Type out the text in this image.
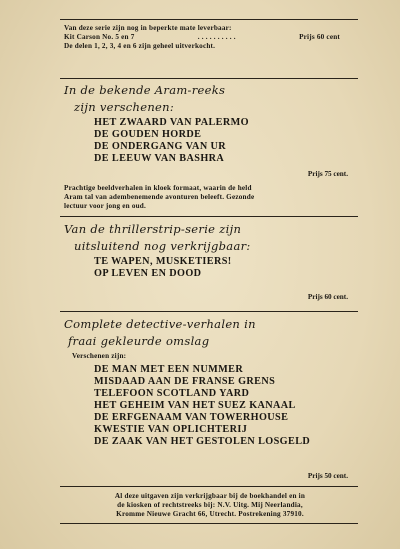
Van deze serie zijn nog in beperkte mate leverbaar:
Kit Carson No. 5 en 7	. . . . . . . . . .	Prijs 60 cent
De delen 1, 2, 3, 4 en 6 zijn geheel uitverkocht.
In de bekende Aram-reeks
zijn verschenen:
HET ZWAARD VAN PALERMO
DE GOUDEN HORDE
DE ONDERGANG VAN UR
DE LEEUW VAN BASHRA
Prijs 75 cent.
Prachtige beeldverhalen in kloek formaat, waarin de held
Aram tal van adembenemende avonturen beleeft. Gezonde
lectuur voor jong en oud.
Van de thrillerstrip-serie zijn
uitsluitend nog verkrijgbaar:
TE WAPEN, MUSKETIERS!
OP LEVEN EN DOOD
Prijs 60 cent.
Complete detective-verhalen in
fraai gekleurde omslag
Verschenen zijn:
DE MAN MET EEN NUMMER
MISDAAD AAN DE FRANSE GRENS
TELEFOON SCOTLAND YARD
HET GEHEIM VAN HET SUEZ KANAAL
DE ERFGENAAM VAN TOWERHOUSE
KWESTIE VAN OPLICHTERIJ
DE ZAAK VAN HET GESTOLEN LOSGELD
Prijs 50 cent.
Al deze uitgaven zijn verkrijgbaar bij de boekhandel en in
de kiosken of rechtstreeks bij: N.V. Uitg. Mij Neerlandia,
Kromme Nieuwe Gracht 66, Utrecht. Postrekening 37910.
